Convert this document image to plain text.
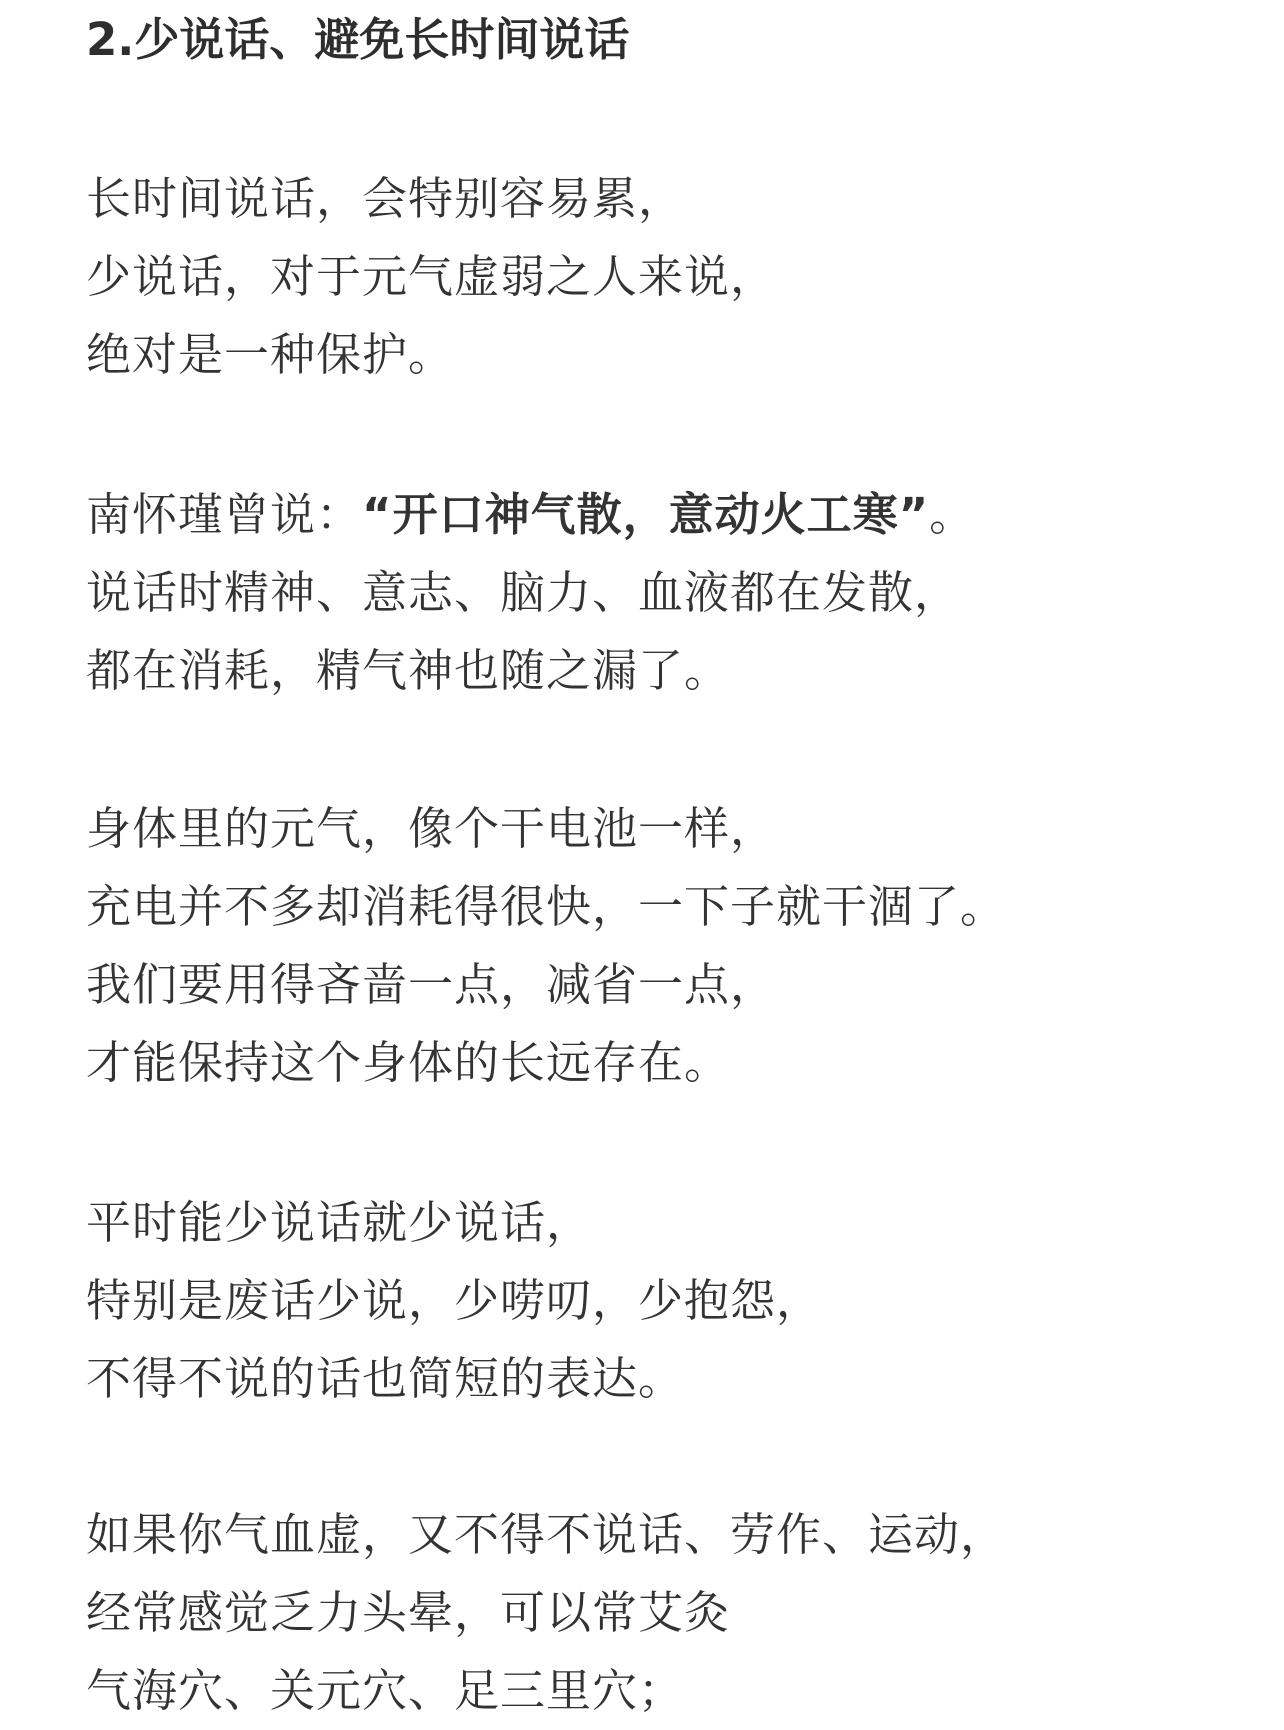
2.少说话、避免长时间说话
长时间说话，会特别容易累，
少说话，对于元气虚弱之人来说，
绝对是一种保护。
南怀瑾曾说：“开口神气散，意动火工寒”。
说话时精神、意志、脑力、血液都在发散，
都在消耗，精气神也随之漏了。
身体里的元气，像个干电池一样，
充电并不多却消耗得很快，一下子就干涸了。
我们要用得吝啬一点，减省一点，
才能保持这个身体的长远存在。
平时能少说话就少说话，
特别是废话少说，少唠叨，少抱怨，
不得不说的话也简短的表达。
如果你气血虚，又不得不说话、劳作、运动，
经常感觉乏力头晕，可以常艾灸
气海穴、关元穴、足三里穴；
